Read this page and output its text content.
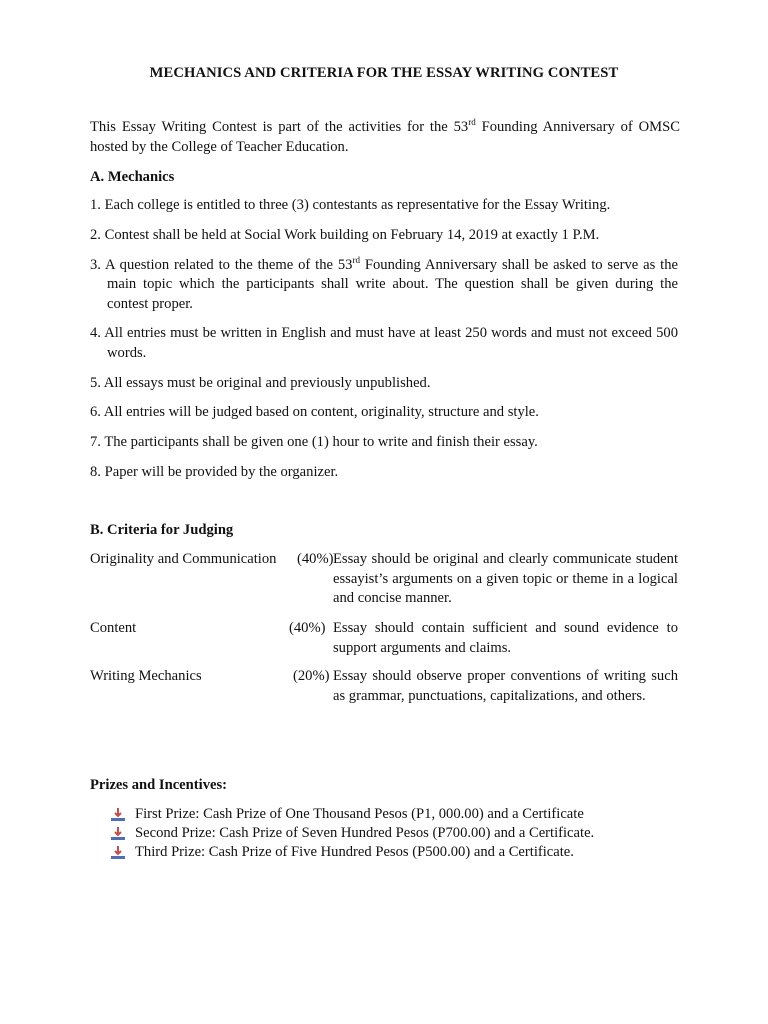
MECHANICS AND CRITERIA FOR THE ESSAY WRITING CONTEST
This Essay Writing Contest is part of the activities for the 53rd Founding Anniversary of OMSC hosted by the College of Teacher Education.
A. Mechanics
1. Each college is entitled to three (3) contestants as representative for the Essay Writing.
2. Contest shall be held at Social Work building on February 14, 2019 at exactly 1 P.M.
3. A question related to the theme of the 53rd Founding Anniversary shall be asked to serve as the main topic which the participants shall write about. The question shall be given during the contest proper.
4. All entries must be written in English and must have at least 250 words and must not exceed 500 words.
5. All essays must be original and previously unpublished.
6. All entries will be judged based on content, originality, structure and style.
7. The participants shall be given one (1) hour to write and finish their essay.
8. Paper will be provided by the organizer.
B. Criteria for Judging
Originality and Communication (40%) Essay should be original and clearly communicate student essayist’s arguments on a given topic or theme in a logical and concise manner.
Content	(40%) Essay should contain sufficient and sound evidence to support arguments and claims.
Writing Mechanics	(20%) Essay should observe proper conventions of writing such as grammar, punctuations, capitalizations, and others.
Prizes and Incentives:
First Prize: Cash Prize of One Thousand Pesos (P1, 000.00) and a Certificate
Second Prize: Cash Prize of Seven Hundred Pesos (P700.00) and a Certificate.
Third Prize: Cash Prize of Five Hundred Pesos (P500.00) and a Certificate.
